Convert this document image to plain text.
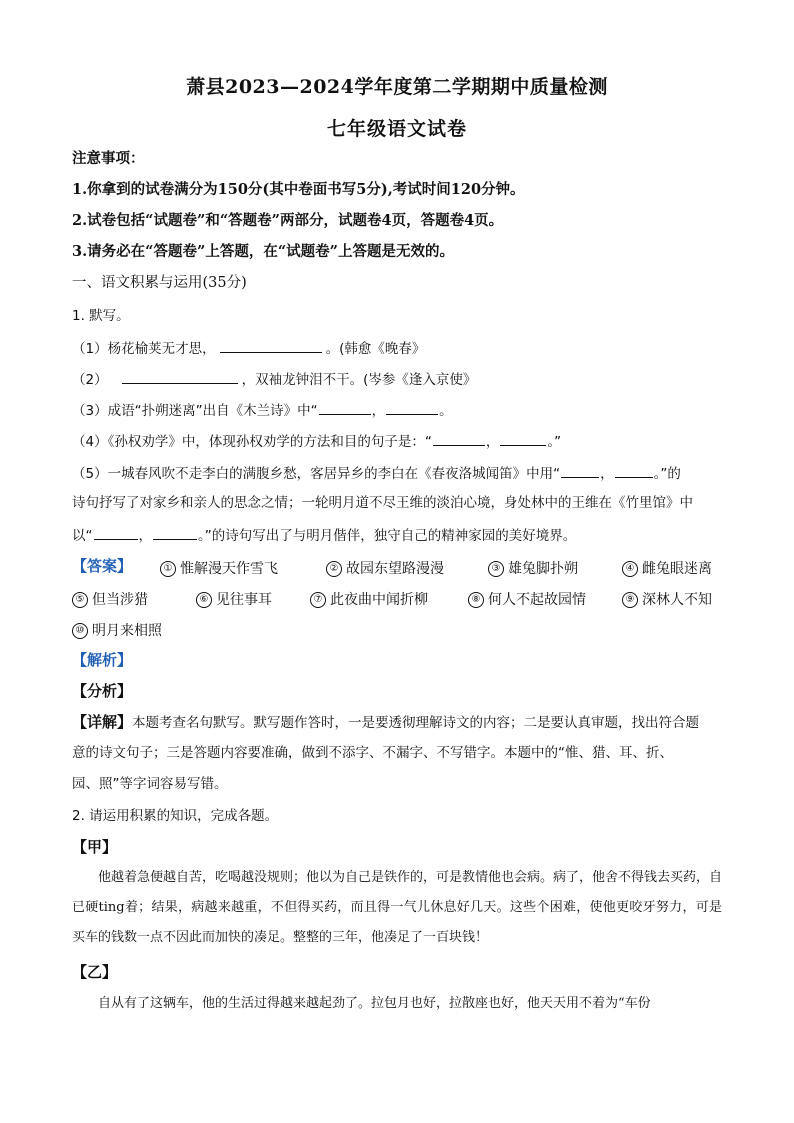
萧县2023—2024学年度第二学期期中质量检测
七年级语文试卷
注意事项：
1.你拿到的试卷满分为150分(其中卷面书写5分),考试时间120分钟。
2.试卷包括“试题卷”和“答题卷”两部分，试题卷4页，答题卷4页。
3.请务必在“答题卷”上答题，在“试题卷”上答题是无效的。
一、语文积累与运用(35分)
1. 默写。
（1）杨花榆荚无才思，	。(韩愈《晚春》
（2）	，双袖龙钟泪不干。(岑参《逢入京使》
（3）成语“扑朔迷离”出自《木兰诗》中“	，	。
（4）《孙权劝学》中，体现孙权劝学的方法和目的句子是：“	，	。”
（5）一城春风吹不走李白的满腹乡愁，客居异乡的李白在《春夜洛城闻笛》中用“	，	。”的
诗句抒写了对家乡和亲人的思念之情；一轮明月道不尽王维的淡泊心境，身处林中的王维在《竹里馆》中
以“	，	。”的诗句写出了与明月偕伴，独守自己的精神家园的美好境界。
【答案】	① 惟解漫天作雪飞	② 故园东望路漫漫	③ 雄兔脚扑朔	④ 雌兔眼迷离
⑤ 但当涉猎	⑥ 见往事耳	⑦ 此夜曲中闻折柳	⑧ 何人不起故园情	⑨ 深林人不知
⑩ 明月来相照
【解析】
【分析】
【详解】本题考查名句默写。默写题作答时，一是要透彻理解诗文的内容；二是要认真审题，找出符合题
意的诗文句子；三是答题内容要准确，做到不添字、不漏字、不写错字。本题中的“惟、猎、耳、折、
园、照”等字词容易写错。
2. 请运用积累的知识，完成各题。
【甲】
他越着急便越自苦，吃喝越没规则；他以为自己是铁作的，可是教情他也会病。病了，他舍不得钱去买药，自已硬ting着；结果，病越来越重，不但得买药，而且得一气儿休息好几天。这些个困难，使他更咬牙努力，可是买车的钱数一点不因此而加快的凑足。整整的三年，他凑足了一百块钱！
【乙】
自从有了这辆车，他的生活过得越来越起劲了。拉包月也好，拉散座也好，他天天用不着为“车份
